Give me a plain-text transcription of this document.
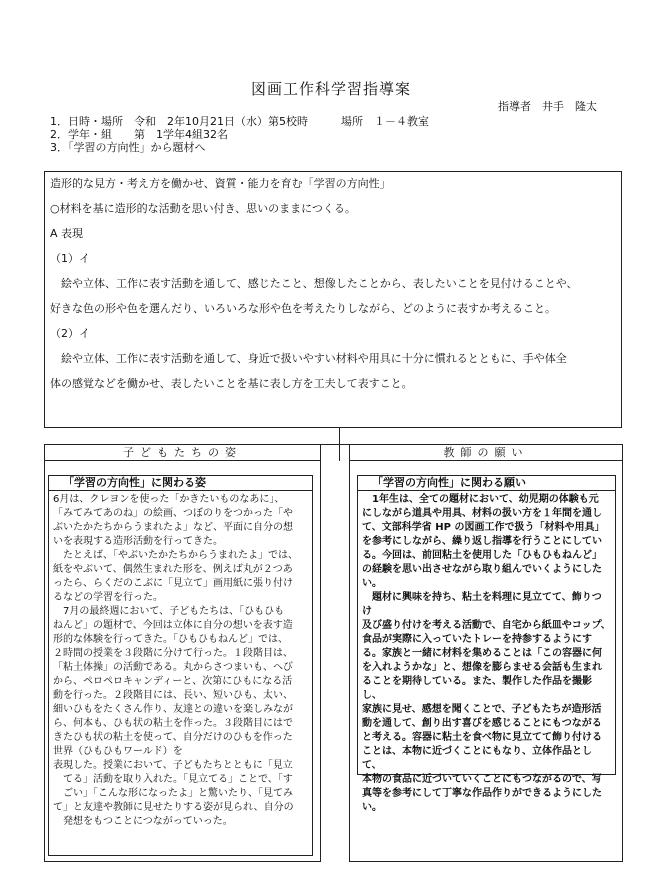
図画工作科学習指導案
指導者　井手　隆太
1．日時・場所　令和　2年10月21日（水）第5校時　　　場所　１－４教室
2．学年・組　　第　1学年4組32名
3．「学習の方向性」から題材へ

造形的な見方・考え方を働かせ、資質・能力を育む「学習の方向性」

○材料を基に造形的な活動を思い付き、思いのままにつくる。

A 表現

（1）イ

　絵や立体、工作に表す活動を通して、感じたこと、想像したことから、表したいことを見付けることや、

好きな色の形や色を選んだり、いろいろな形や色を考えたりしながら、どのように表すか考えること。

（2）イ

　絵や立体、工作に表す活動を通して、身近で扱いやすい材料や用具に十分に慣れるとともに、手や体全

体の感覚などを働かせ、表したいことを基に表し方を工夫して表すこと。

子どもたちの姿
「学習の方向性」に関わる姿

6月は、クレヨンを使った「かきたいものなあに」、

「みてみてあのね」の絵画、つぼのりをつかった「や

ぶいたかたちからうまれたよ」など、平面に自分の想

いを表現する造形活動を行ってきた。

　たとえば、「やぶいたかたちからうまれたよ」では、

紙をやぶいて、偶然生まれた形を、例えば丸が２つあ

ったら、らくだのこぶに「見立て」画用紙に張り付け

るなどの学習を行った。

　7月の最終週において、子どもたちは、「ひもひも

ねんど」の題材で、今回は立体に自分の想いを表す造

形的な体験を行ってきた。「ひもひもねんど」では、

２時間の授業を３段階に分けて行った。１段階目は、

「粘土体操」の活動である。丸からさつまいも、へび

から、ペロペロキャンディーと、次第にひもになる活

動を行った。２段階目には、長い、短いひも、太い、

細いひもをたくさん作り、友達との違いを楽しみなが

ら、何本も、ひも状の粘土を作った。３段階目にはで

きたひも状の粘土を使って、自分だけのひもを作った

世界（ひもひもワールド）を

表現した。授業において、子どもたちとともに「見立

　てる」活動を取り入れた。「見立てる」ことで、「す

　ごい」「こんな形になったよ」と驚いたり、「見てみ

て」と友達や教師に見せたりする姿が見られ、自分の

　発想をもつことにつながっていった。

教師の願い
「学習の方向性」に関わる願い

　1年生は、全ての題材において、幼児期の体験も元

にしながら道具や用具、材料の扱い方を１年間を通し

て、文部科学省 HP の図画工作で扱う「材料や用具」

を参考にしながら、繰り返し指導を行うことにしてい

る。今回は、前回粘土を使用した「ひもひもねんど」

の経験を思い出させながら取り組んでいくようにした

い。

　題材に興味を持ち、粘土を料理に見立てて、飾りつけ

及び盛り付けを考える活動で、自宅から紙皿やコップ、

食品が実際に入っていたトレーを持参するようにす

る。家族と一緒に材料を集めることは「この容器に何

を入れようかな」と、想像を膨らませる会話も生まれ

ることを期待している。また、製作した作品を撮影し、

家族に見せ、感想を聞くことで、子どもたちが造形活

動を通して、創り出す喜びを感じることにもつながる

と考える。容器に粘土を食べ物に見立てて飾り付ける

ことは、本物に近づくことにもなり、立体作品として、

本物の食品に近づいていくことにもつながるので、写

真等を参考にして丁寧な作品作りができるようにした

い。
